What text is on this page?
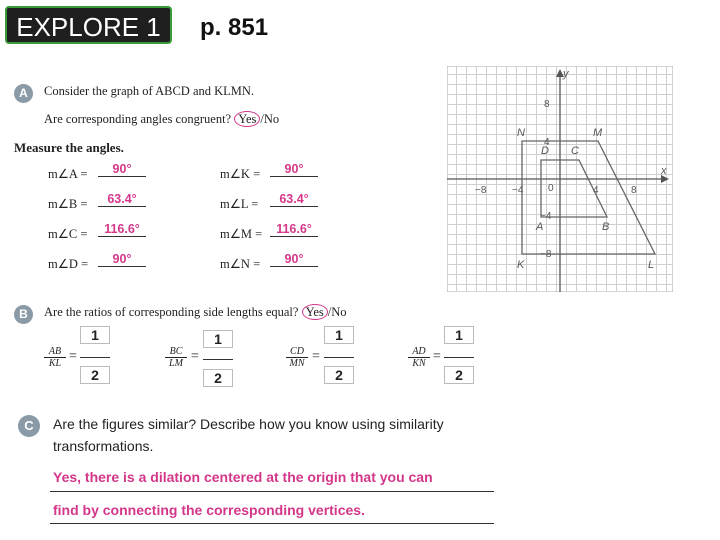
EXPLORE 1	p. 851
A	Consider the graph of ABCD and KLMN.
Are corresponding angles congruent? Yes /No
Measure the angles.
m∠A =	90°
m∠B =	63.4°
m∠C =	116.6°
m∠D =	90°
m∠K =	90°
m∠L =	63.4°
m∠M =	116.6°
m∠N =	90°
y
x
−8	−4 0	4	8
8
4
−4
−8
N	M
D C
A	B
K	L
B	Are the ratios of corresponding side lengths equal? Yes /No
$\frac{AB}{KL}$ =
1
2
$\frac{BC}{LM}$ =
1
2
$\frac{CD}{MN}$ =
1
2
$\frac{AD}{KN}$ =
1
2
C	Are the figures similar? Describe how you know using similarity
transformations.
Yes, there is a dilation centered at the origin that you can
find by connecting the corresponding vertices.
